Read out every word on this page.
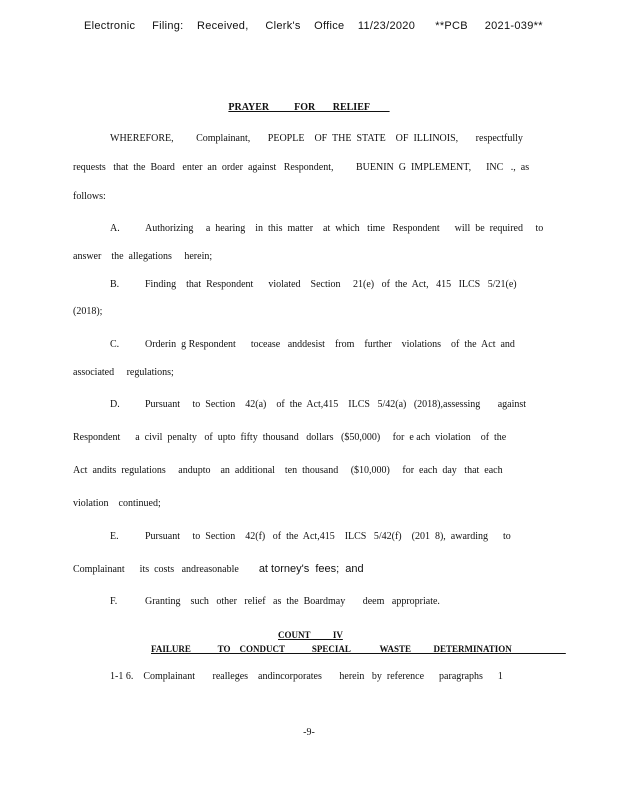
Electronic     Filing:    Received,     Clerk's    Office    11/23/2020      **PCB     2021-039**
PRAYER          FOR       RELIEF
WHEREFORE,         Complainant,       PEOPLE    OF  THE  STATE    OF  ILLINOIS,       respectfully
requests   that  the  Board   enter  an  order  against   Respondent,         BUENIN  G  IMPLEMENT,      INC   .,  as
follows:
A.	Authorizing     a  hearing    in  this  matter    at  which   time   Respondent      will  be  required     to
answer    the  allegations     herein;
B.	Finding    that  Respondent      violated    Section     21(e)   of  the  Act,   415   ILCS   5/21(e)
(2018);
C.	Orderin  g Respondent      tocease   anddesist    from    further    violations    of  the  Act  and
associated     regulations;
D.	Pursuant     to  Section    42(a)    of  the  Act,415    ILCS   5/42(a)   (2018),assessing       against
Respondent      a  civil  penalty   of  upto  fifty  thousand   dollars   ($50,000)     for  e ach  violation    of  the
Act  andits  regulations     andupto    an  additional    ten  thousand     ($10,000)     for  each  day   that  each
violation    continued;
E.	Pursuant     to  Section    42(f)   of  the  Act,415    ILCS   5/42(f)    (201  8),  awarding      to
Complainant      its  costs   andreasonable        at torney's  fees;  and
F.	Granting    such   other   relief   as  the  Boardmay       deem   appropriate.
COUNT          IV
FAILURE            TO    CONDUCT            SPECIAL             WASTE          DETERMINATION
1-1 6.    Complainant       realleges    andincorporates       herein   by  reference      paragraphs      1
-9-
